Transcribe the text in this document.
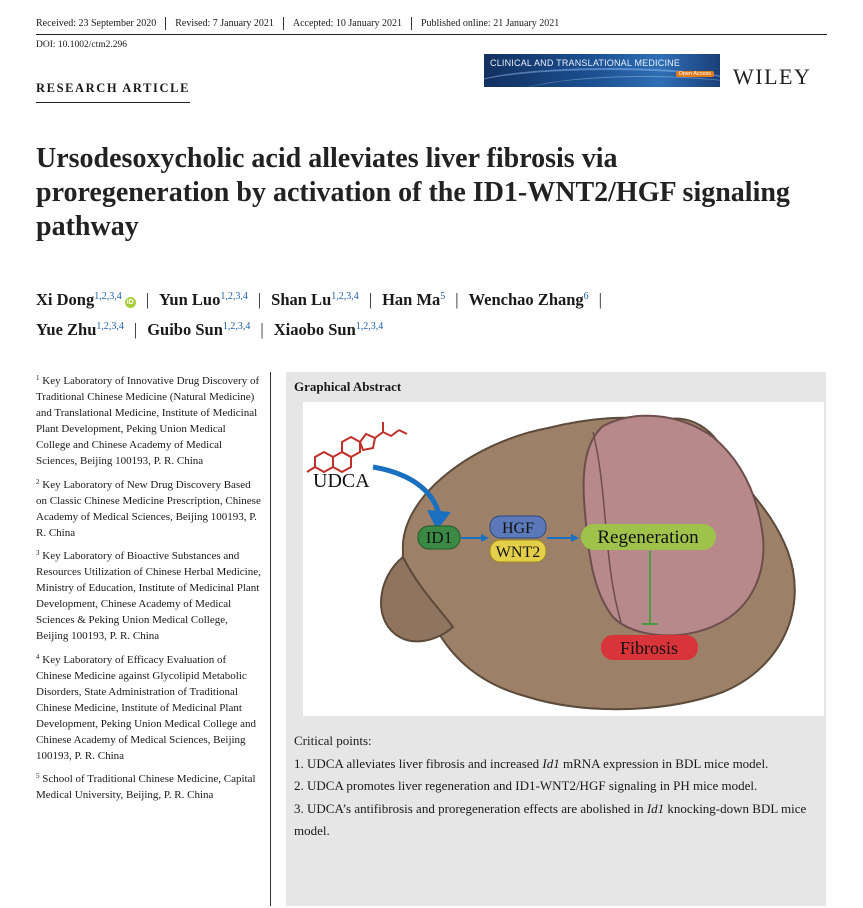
Received: 23 September 2020	Revised: 7 January 2021	Accepted: 10 January 2021	Published online: 21 January 2021
DOI: 10.1002/ctm2.296
RESEARCH ARTICLE
CLINICAL AND TRANSLATIONAL MEDICINE
Open Access WILEY
Ursodesoxycholic acid alleviates liver fibrosis via proregeneration by activation of the ID1-WNT2/HGF signaling pathway
Xi Dong$^{1,2,3,4}$iD | Yun Luo$^{1,2,3,4}$ | Shan Lu$^{1,2,3,4}$ | Han Ma$^5$ | Wenchao Zhang$^6$ |
Yue Zhu$^{1,2,3,4}$ | Guibo Sun$^{1,2,3,4}$ | Xiaobo Sun$^{1,2,3,4}$
$^1$ Key Laboratory of Innovative Drug Discovery of Traditional Chinese Medicine (Natural Medicine) and Translational Medicine, Institute of Medicinal Plant Development, Peking Union Medical College and Chinese Academy of Medical Sciences, Beijing 100193, P. R. China
$^2$ Key Laboratory of New Drug Discovery Based on Classic Chinese Medicine Prescription, Chinese Academy of Medical Sciences, Beijing 100193, P. R. China
$^3$ Key Laboratory of Bioactive Substances and Resources Utilization of Chinese Herbal Medicine, Ministry of Education, Institute of Medicinal Plant Development, Chinese Academy of Medical Sciences & Peking Union Medical College, Beijing 100193, P. R. China
$^4$ Key Laboratory of Efficacy Evaluation of Chinese Medicine against Glycolipid Metabolic Disorders, State Administration of Traditional Chinese Medicine, Institute of Medicinal Plant Development, Peking Union Medical College and Chinese Academy of Medical Sciences, Beijing 100193, P. R. China
$^5$ School of Traditional Chinese Medicine, Capital Medical University, Beijing, P. R. China
Graphical Abstract
UDCA
ID1	HGF
WNT2
Regeneration
Fibrosis

Critical points:

1. UDCA alleviates liver fibrosis and increased Id1 mRNA expression in BDL mice model.

2. UDCA promotes liver regeneration and ID1-WNT2/HGF signaling in PH mice model.

3. UDCA’s antifibrosis and proregeneration effects are abolished in Id1 knocking-down BDL mice model.
